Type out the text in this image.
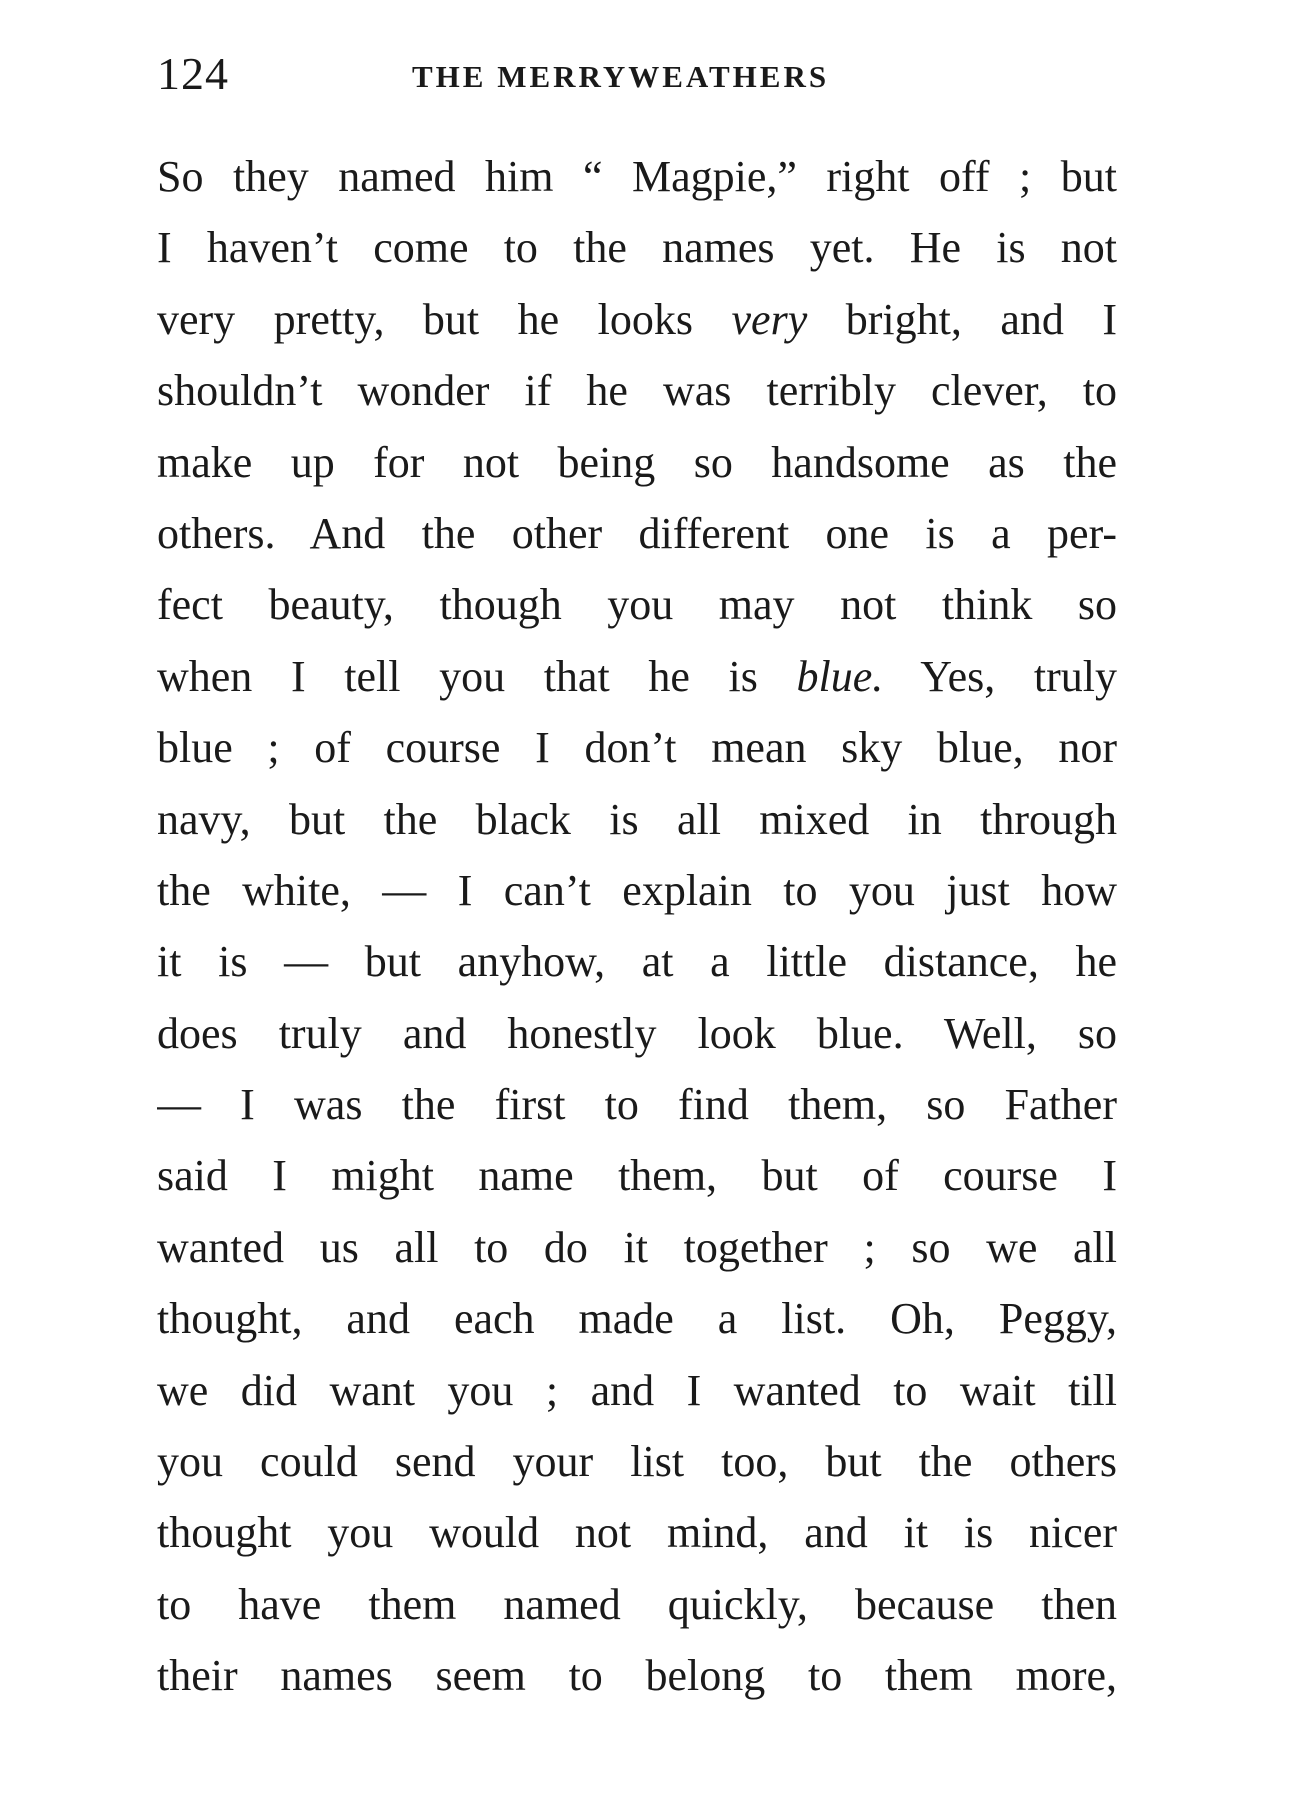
124	THE MERRYWEATHERS
So they named him “ Magpie,” right off ; but
I haven’t come to the names yet. He is not
very pretty, but he looks very bright, and I
shouldn’t wonder if he was terribly clever, to
make up for not being so handsome as the
others. And the other different one is a per-
fect beauty, though you may not think so
when I tell you that he is blue. Yes, truly
blue ; of course I don’t mean sky blue, nor
navy, but the black is all mixed in through
the white, — I can’t explain to you just how
it is — but anyhow, at a little distance, he
does truly and honestly look blue. Well, so
— I was the first to find them, so Father
said I might name them, but of course I
wanted us all to do it together ; so we all
thought, and each made a list. Oh, Peggy,
we did want you ; and I wanted to wait till
you could send your list too, but the others
thought you would not mind, and it is nicer
to have them named quickly, because then
their names seem to belong to them more,
